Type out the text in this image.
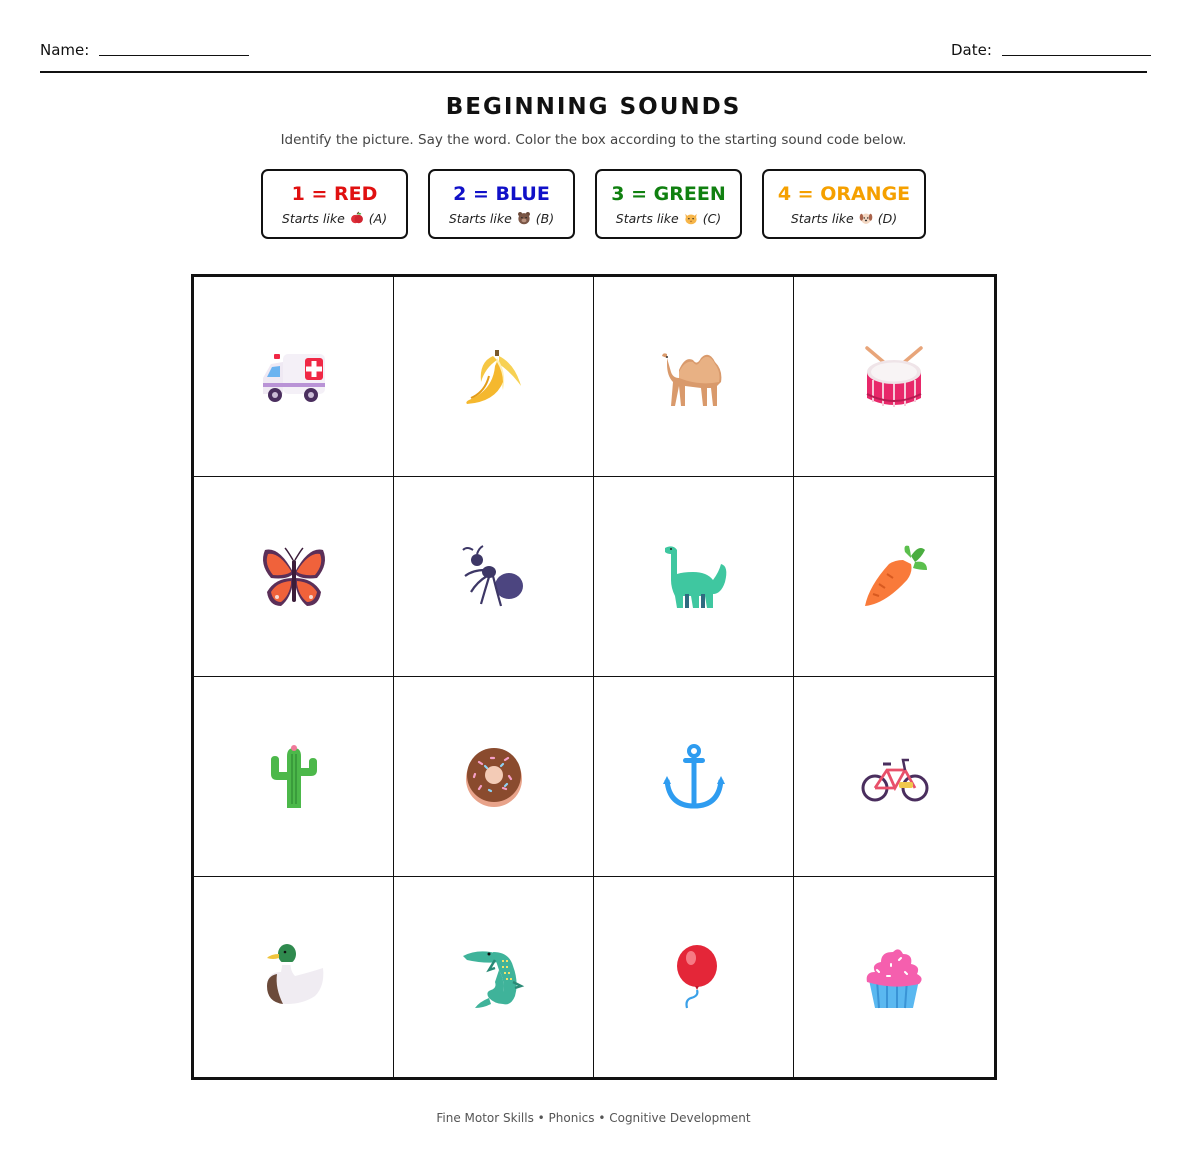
Name:	Date:
BEGINNING SOUNDS
Identify the picture. Say the word. Color the box according to the starting sound code below.
1 = RED
Starts like (A)
2 = BLUE
Starts like (B)
3 = GREEN
Starts like (C)
4 = ORANGE
Starts like (D)
Fine Motor Skills • Phonics • Cognitive Development
